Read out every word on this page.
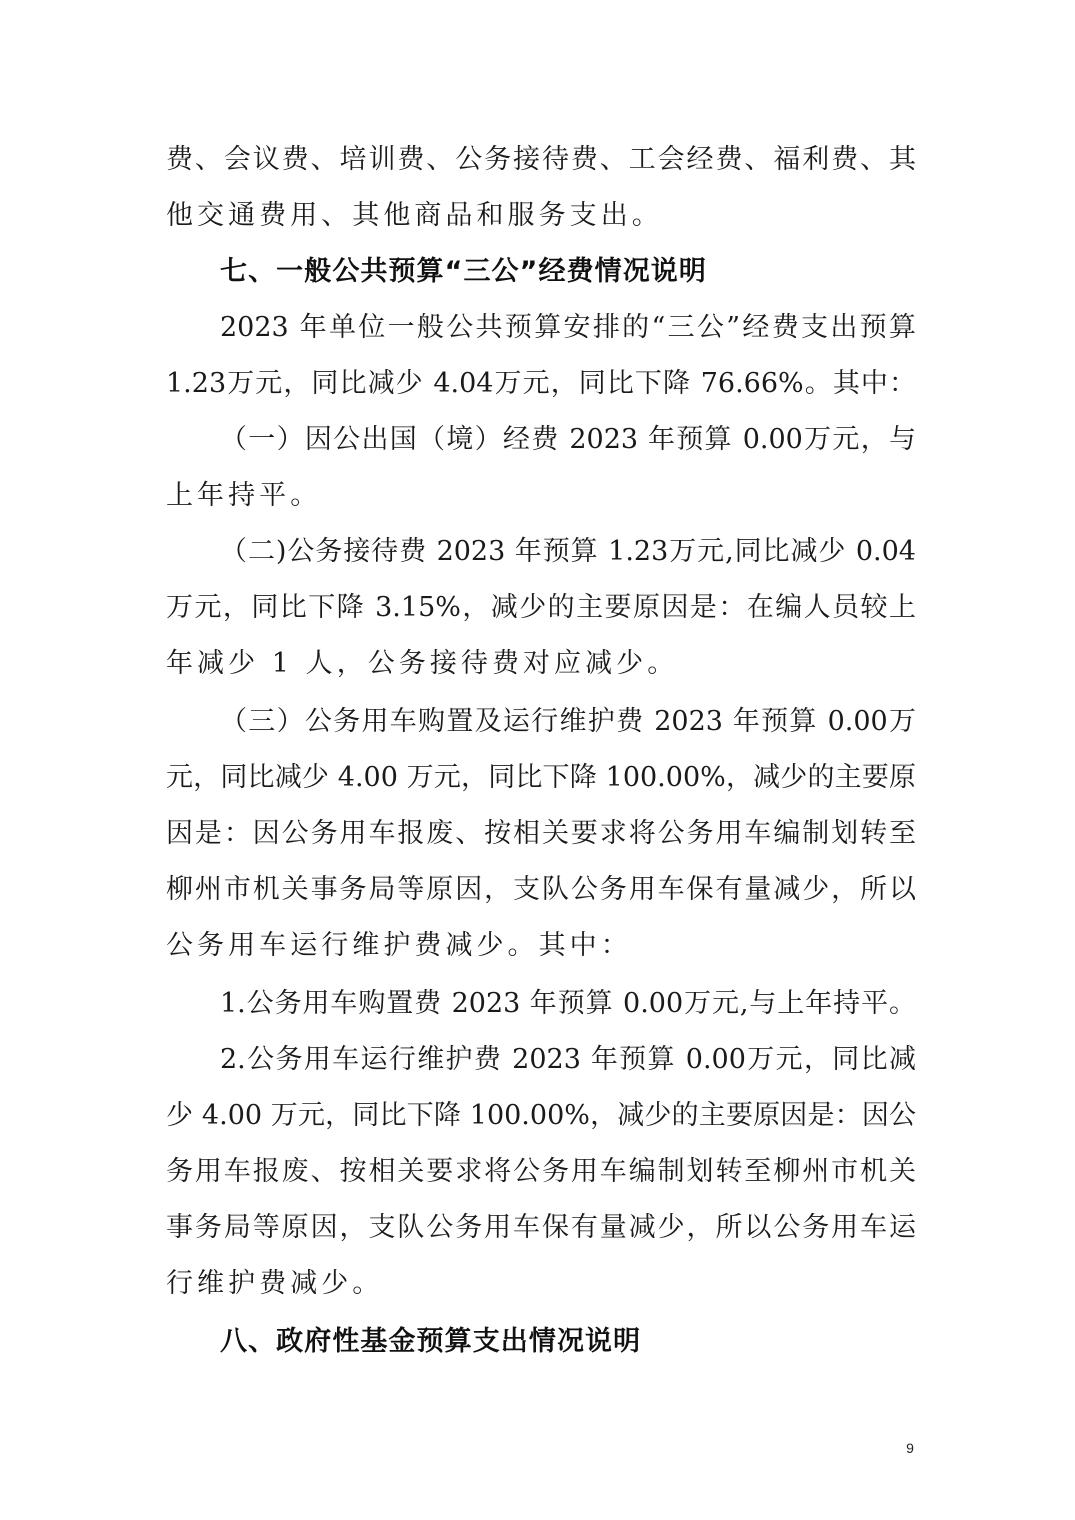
费、会议费、培训费、公务接待费、工会经费、福利费、其
他交通费用、其他商品和服务支出。
七、一般公共预算“三公”经费情况说明
2023 年单位一般公共预算安排的“三公”经费支出预算
1.23万元，同比减少 4.04万元，同比下降 76.66%。其中：
（一）因公出国（境）经费 2023 年预算 0.00万元，与
上年持平。
（二)公务接待费 2023 年预算 1.23万元,同比减少 0.04
万元，同比下降 3.15%，减少的主要原因是：在编人员较上
年减少 1 人，公务接待费对应减少。
（三）公务用车购置及运行维护费 2023 年预算 0.00万
元，同比减少 4.00 万元，同比下降 100.00%，减少的主要原
因是：因公务用车报废、按相关要求将公务用车编制划转至
柳州市机关事务局等原因，支队公务用车保有量减少，所以
公务用车运行维护费减少。其中：
1.公务用车购置费 2023 年预算 0.00万元,与上年持平。
2.公务用车运行维护费 2023 年预算 0.00万元，同比减
少 4.00 万元，同比下降 100.00%，减少的主要原因是：因公
务用车报废、按相关要求将公务用车编制划转至柳州市机关
事务局等原因，支队公务用车保有量减少，所以公务用车运
行维护费减少。
八、政府性基金预算支出情况说明
9
